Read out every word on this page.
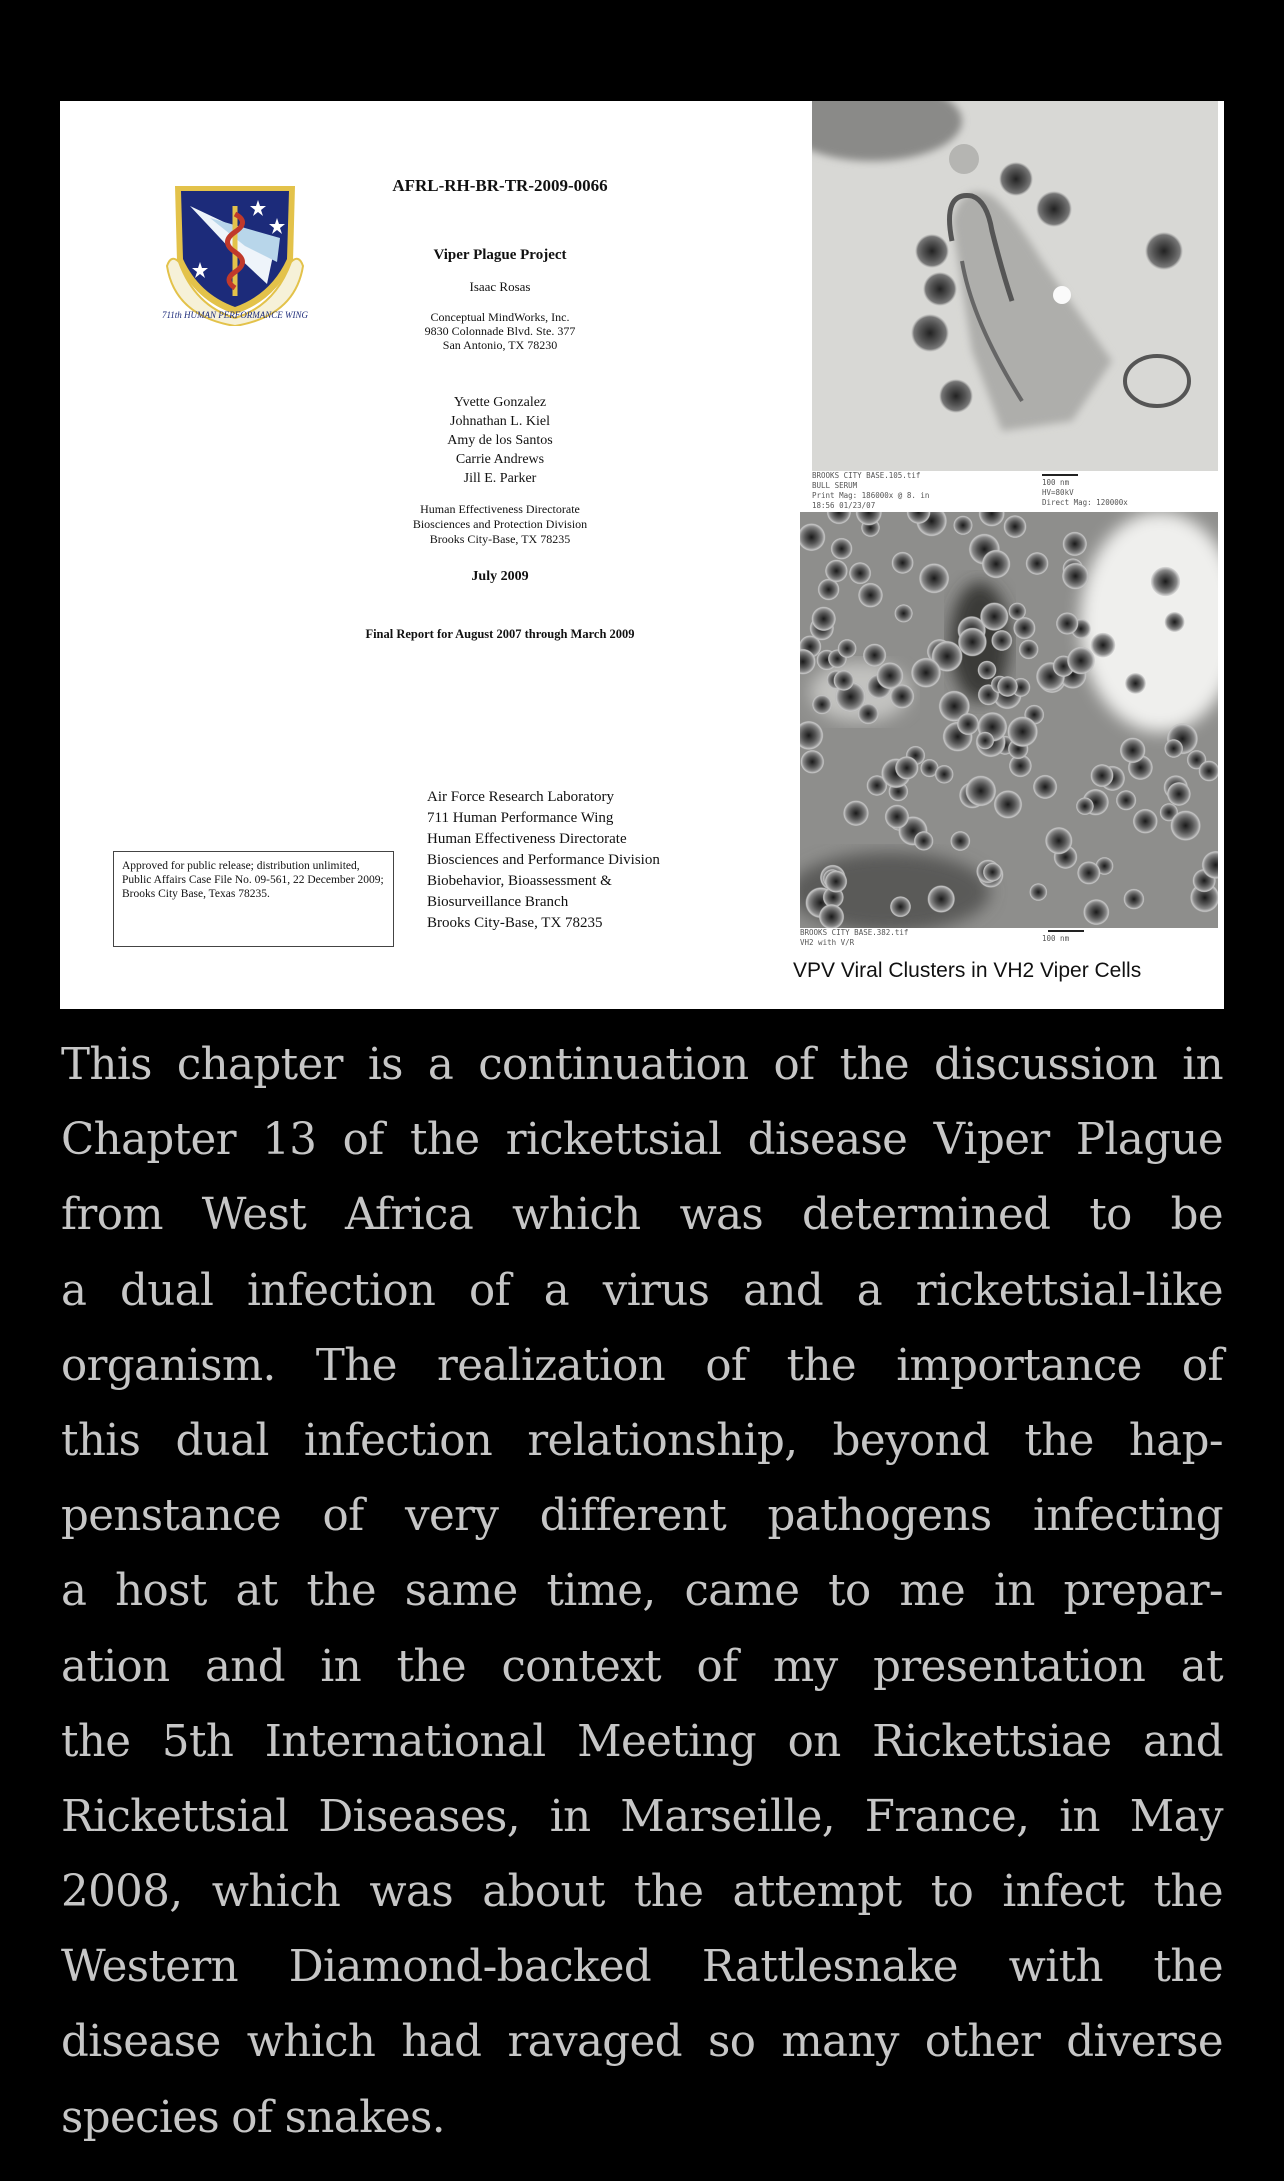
711th HUMAN PERFORMANCE WING
AFRL-RH-BR-TR-2009-0066
Viper Plague Project
Isaac Rosas
Conceptual MindWorks, Inc.
9830 Colonnade Blvd. Ste. 377
San Antonio, TX 78230
Yvette Gonzalez
Johnathan L. Kiel
Amy de los Santos
Carrie Andrews
Jill E. Parker
Human Effectiveness Directorate
Biosciences and Protection Division
Brooks City-Base, TX 78235
July 2009
Final Report for August 2007 through March 2009
Approved for public release; distribution unlimited, Public Affairs Case File No. 09-561, 22 December 2009; Brooks City Base, Texas 78235.
Air Force Research Laboratory
711 Human Performance Wing
Human Effectiveness Directorate
Biosciences and Performance Division
Biobehavior, Bioassessment &
Biosurveillance Branch
Brooks City-Base, TX 78235
BROOKS CITY BASE.105.tif
BULL SERUM
Print Mag: 186000x @ 8. in
18:56 01/23/07
100 nm
HV=80kV
Direct Mag: 120000x
BROOKS CITY BASE.382.tif
VH2 with V/R	100 nm
VPV Viral Clusters in VH2 Viper Cells
This chapter is a continuation of the discussion in
Chapter 13 of the rickettsial disease Viper Plague
from West Africa which was determined to be
a dual infection of a virus and a rickettsial-like
organism. The realization of the importance of
this dual infection relationship, beyond the hap-
penstance of very different pathogens infecting
a host at the same time, came to me in prepar-
ation and in the context of my presentation at
the 5th International Meeting on Rickettsiae and
Rickettsial Diseases, in Marseille, France, in May
2008, which was about the attempt to infect the
Western Diamond-backed Rattlesnake with the
disease which had ravaged so many other diverse
species of snakes.
